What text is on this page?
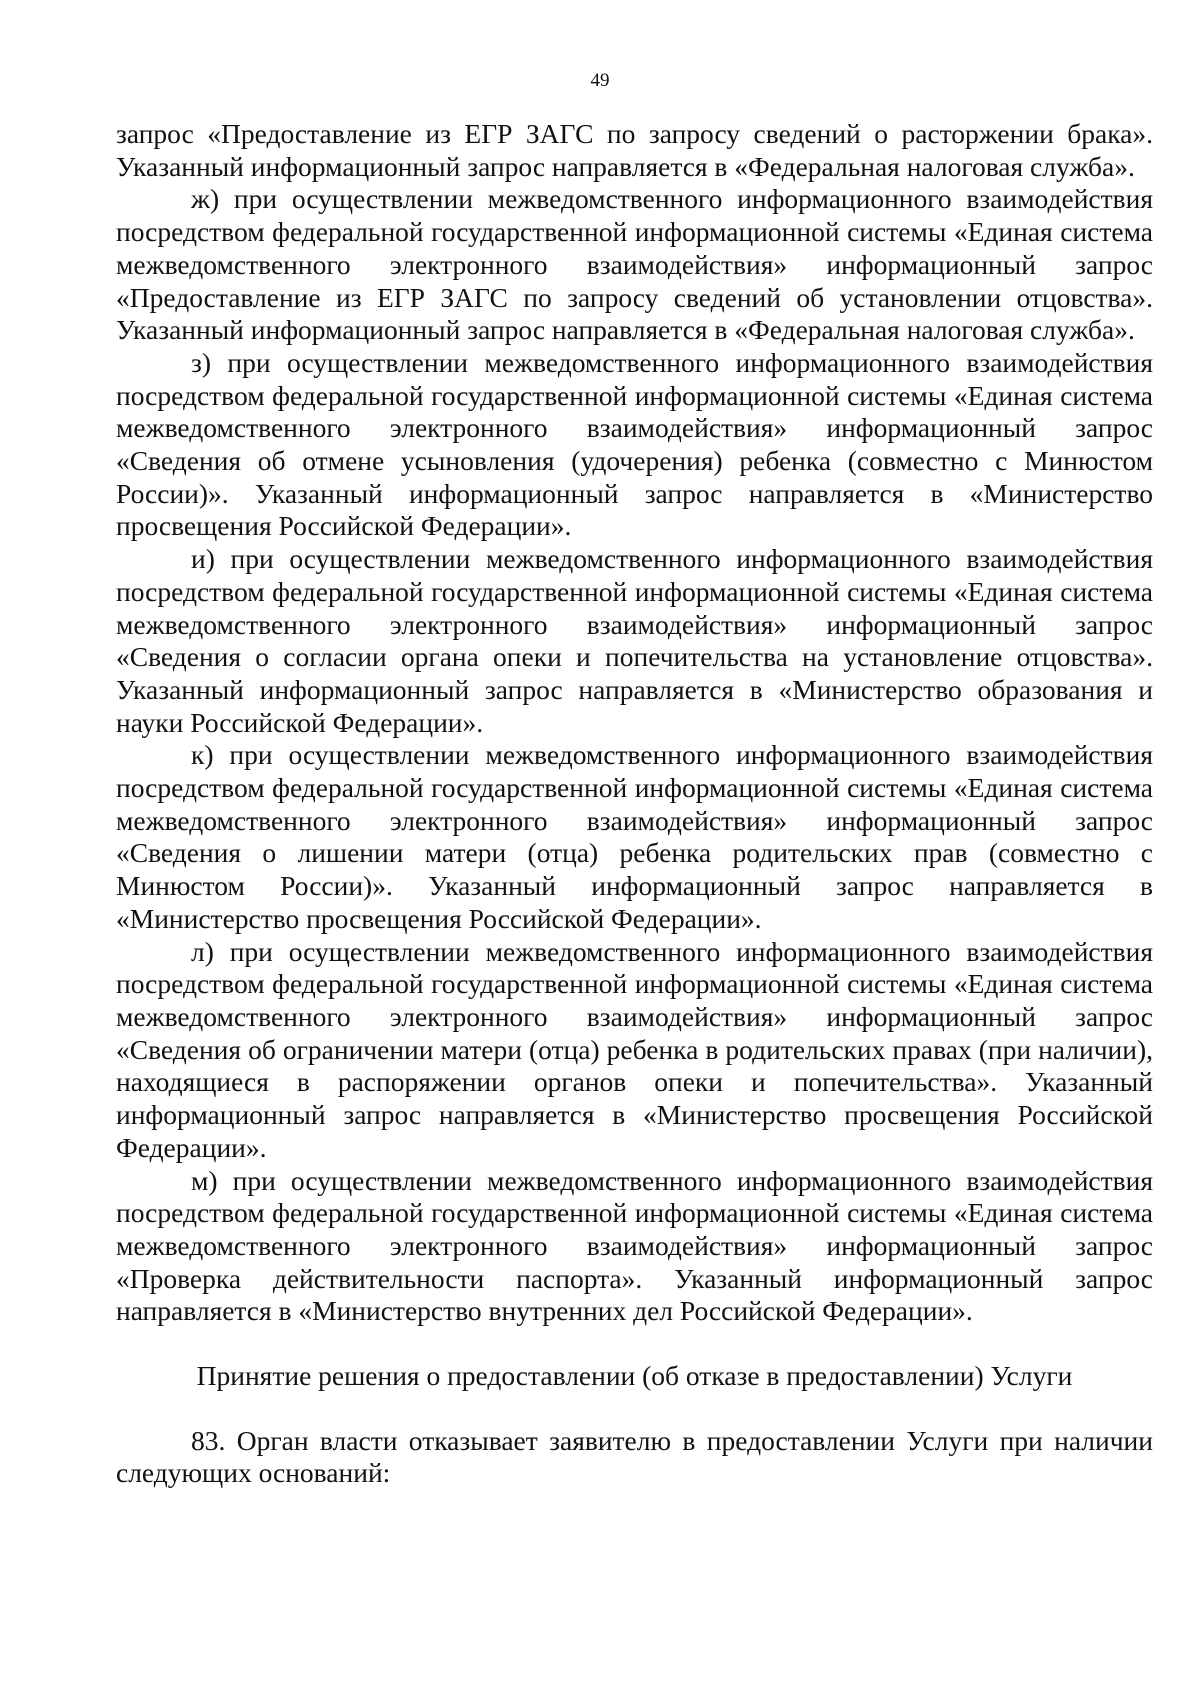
49

запрос «Предоставление из ЕГР ЗАГС по запросу сведений о расторжении брака». Указанный информационный запрос направляется в «Федеральная налоговая служба».

ж) при осуществлении межведомственного информационного взаимодействия посредством федеральной государственной информационной системы «Единая система межведомственного электронного взаимодействия» информационный запрос «Предоставление из ЕГР ЗАГС по запросу сведений об установлении отцовства». Указанный информационный запрос направляется в «Федеральная налоговая служба».

з) при осуществлении межведомственного информационного взаимодействия посредством федеральной государственной информационной системы «Единая система межведомственного электронного взаимодействия» информационный запрос «Сведения об отмене усыновления (удочерения) ребенка (совместно с Минюстом России)». Указанный информационный запрос направляется в «Министерство просвещения Российской Федерации».

и) при осуществлении межведомственного информационного взаимодействия посредством федеральной государственной информационной системы «Единая система межведомственного электронного взаимодействия» информационный запрос «Сведения о согласии органа опеки и попечительства на установление отцовства». Указанный информационный запрос направляется в «Министерство образования и науки Российской Федерации».

к) при осуществлении межведомственного информационного взаимодействия посредством федеральной государственной информационной системы «Единая система межведомственного электронного взаимодействия» информационный запрос «Сведения о лишении матери (отца) ребенка родительских прав (совместно с Минюстом России)». Указанный информационный запрос направляется в «Министерство просвещения Российской Федерации».

л) при осуществлении межведомственного информационного взаимодействия посредством федеральной государственной информационной системы «Единая система межведомственного электронного взаимодействия» информационный запрос «Сведения об ограничении матери (отца) ребенка в родительских правах (при наличии), находящиеся в распоряжении органов опеки и попечительства». Указанный информационный запрос направляется в «Министерство просвещения Российской Федерации».

м) при осуществлении межведомственного информационного взаимодействия посредством федеральной государственной информационной системы «Единая система межведомственного электронного взаимодействия» информационный запрос «Проверка действительности паспорта». Указанный информационный запрос направляется в «Министерство внутренних дел Российской Федерации».

Принятие решения о предоставлении (об отказе в предоставлении) Услуги

83. Орган власти отказывает заявителю в предоставлении Услуги при наличии следующих оснований:
